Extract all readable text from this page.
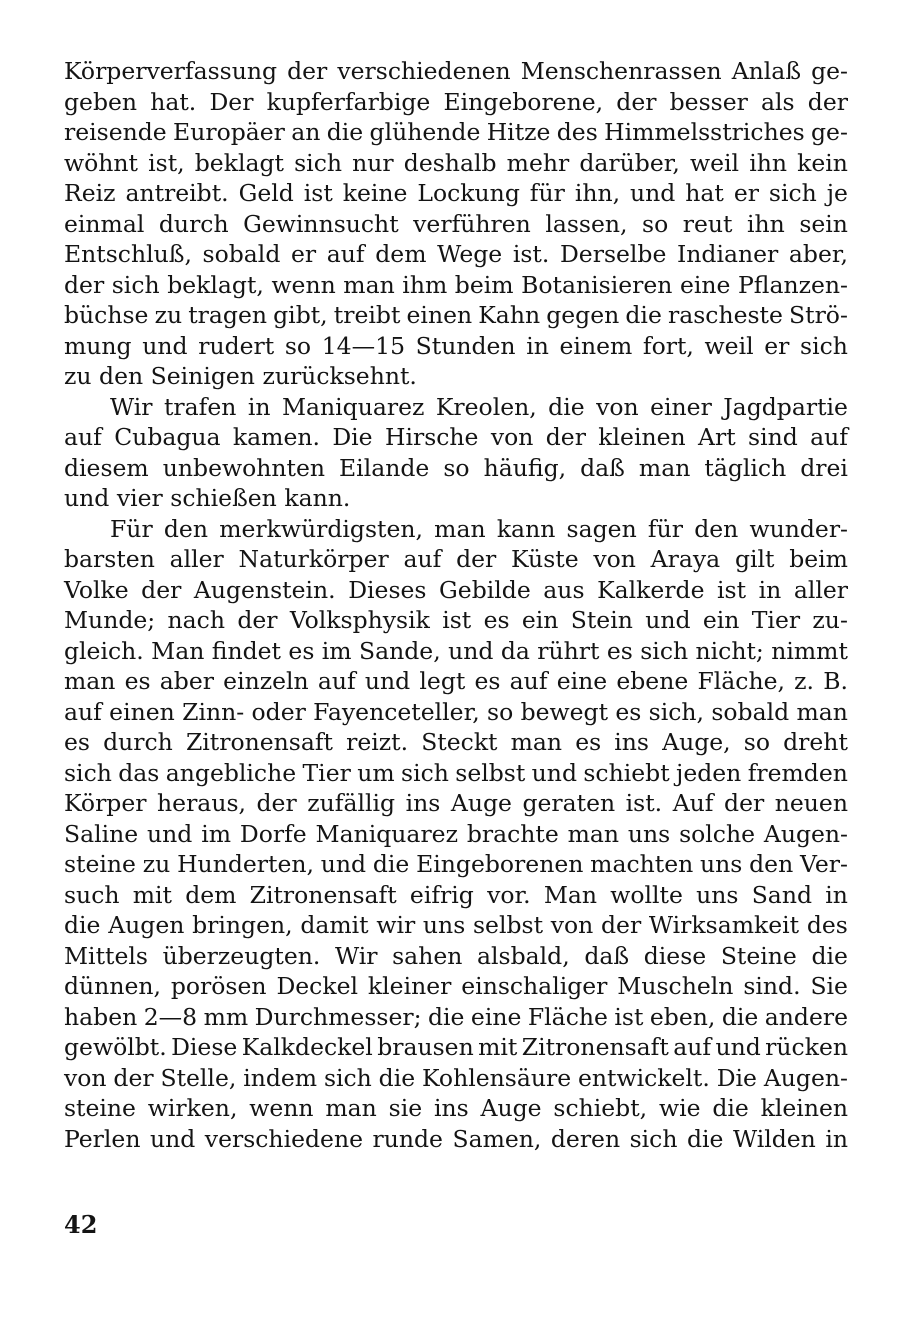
Körperverfassung der verschiedenen Menschenrassen Anlaß ge-
geben hat. Der kupferfarbige Eingeborene, der besser als der
reisende Europäer an die glühende Hitze des Himmelsstriches ge-
wöhnt ist, beklagt sich nur deshalb mehr darüber, weil ihn kein
Reiz antreibt. Geld ist keine Lockung für ihn, und hat er sich je
einmal durch Gewinnsucht verführen lassen, so reut ihn sein
Entschluß, sobald er auf dem Wege ist. Derselbe Indianer aber,
der sich beklagt, wenn man ihm beim Botanisieren eine Pflanzen-
büchse zu tragen gibt, treibt einen Kahn gegen die rascheste Strö-
mung und rudert so 14—15 Stunden in einem fort, weil er sich
zu den Seinigen zurücksehnt.
Wir trafen in Maniquarez Kreolen, die von einer Jagdpartie
auf Cubagua kamen. Die Hirsche von der kleinen Art sind auf
diesem unbewohnten Eilande so häufig, daß man täglich drei
und vier schießen kann.
Für den merkwürdigsten, man kann sagen für den wunder-
barsten aller Naturkörper auf der Küste von Araya gilt beim
Volke der Augenstein. Dieses Gebilde aus Kalkerde ist in aller
Munde; nach der Volksphysik ist es ein Stein und ein Tier zu-
gleich. Man findet es im Sande, und da rührt es sich nicht; nimmt
man es aber einzeln auf und legt es auf eine ebene Fläche, z. B.
auf einen Zinn- oder Fayenceteller, so bewegt es sich, sobald man
es durch Zitronensaft reizt. Steckt man es ins Auge, so dreht
sich das angebliche Tier um sich selbst und schiebt jeden fremden
Körper heraus, der zufällig ins Auge geraten ist. Auf der neuen
Saline und im Dorfe Maniquarez brachte man uns solche Augen-
steine zu Hunderten, und die Eingeborenen machten uns den Ver-
such mit dem Zitronensaft eifrig vor. Man wollte uns Sand in
die Augen bringen, damit wir uns selbst von der Wirksamkeit des
Mittels überzeugten. Wir sahen alsbald, daß diese Steine die
dünnen, porösen Deckel kleiner einschaliger Muscheln sind. Sie
haben 2—8 mm Durchmesser; die eine Fläche ist eben, die andere
gewölbt. Diese Kalkdeckel brausen mit Zitronensaft auf und rücken
von der Stelle, indem sich die Kohlensäure entwickelt. Die Augen-
steine wirken, wenn man sie ins Auge schiebt, wie die kleinen
Perlen und verschiedene runde Samen, deren sich die Wilden in
42
